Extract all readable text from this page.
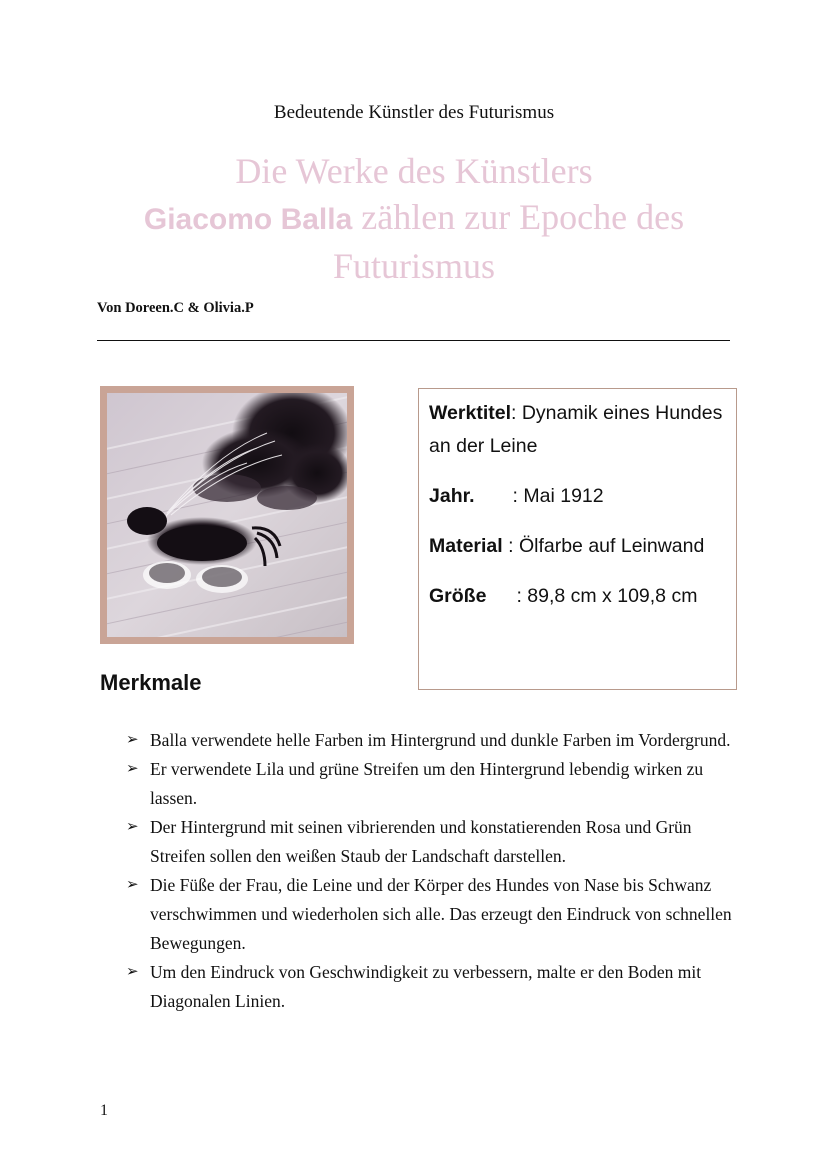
Bedeutende Künstler des Futurismus
Die Werke des Künstlers
Giacomo Balla zählen zur Epoche des
Futurismus
Von Doreen.C & Olivia.P
Werktitel: Dynamik eines Hundes an der Leine
Jahr. : Mai 1912
Material : Ölfarbe auf Leinwand
Größe : 89,8 cm x 109,8 cm
Merkmale
➢ Balla verwendete helle Farben im Hintergrund und dunkle Farben im Vordergrund.
➢ Er verwendete Lila und grüne Streifen um den Hintergrund lebendig wirken zu lassen.
➢ Der Hintergrund mit seinen vibrierenden und konstatierenden Rosa und Grün Streifen sollen den weißen Staub der Landschaft darstellen.
➢ Die Füße der Frau, die Leine und der Körper des Hundes von Nase bis Schwanz verschwimmen und wiederholen sich alle. Das erzeugt den Eindruck von schnellen Bewegungen.
➢ Um den Eindruck von Geschwindigkeit zu verbessern, malte er den Boden mit Diagonalen Linien.
1
